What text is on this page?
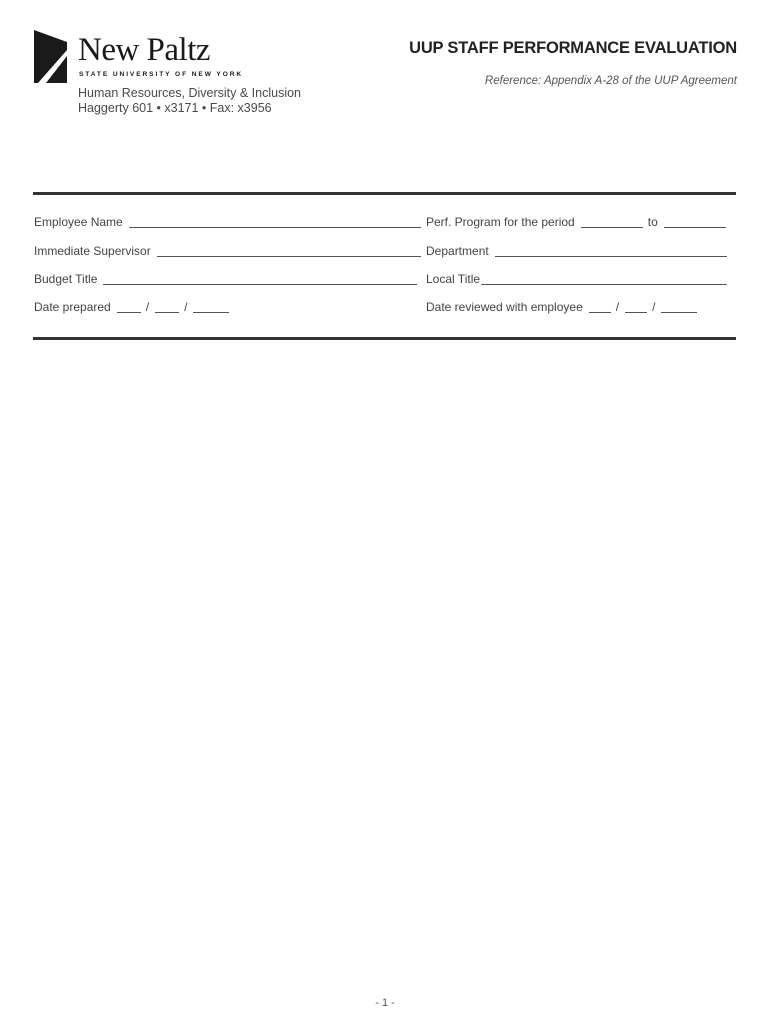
New Paltz
STATE UNIVERSITY OF NEW YORK
Human Resources, Diversity & Inclusion
Haggerty 601 • x3171 • Fax: x3956
UUP STAFF PERFORMANCE EVALUATION
Reference: Appendix A-28 of the UUP Agreement
Employee Name	Perf. Program for the period	to
Immediate Supervisor	Department
Budget Title	Local Title
Date prepared	/	/	Date reviewed with employee	/	/
- 1 -
